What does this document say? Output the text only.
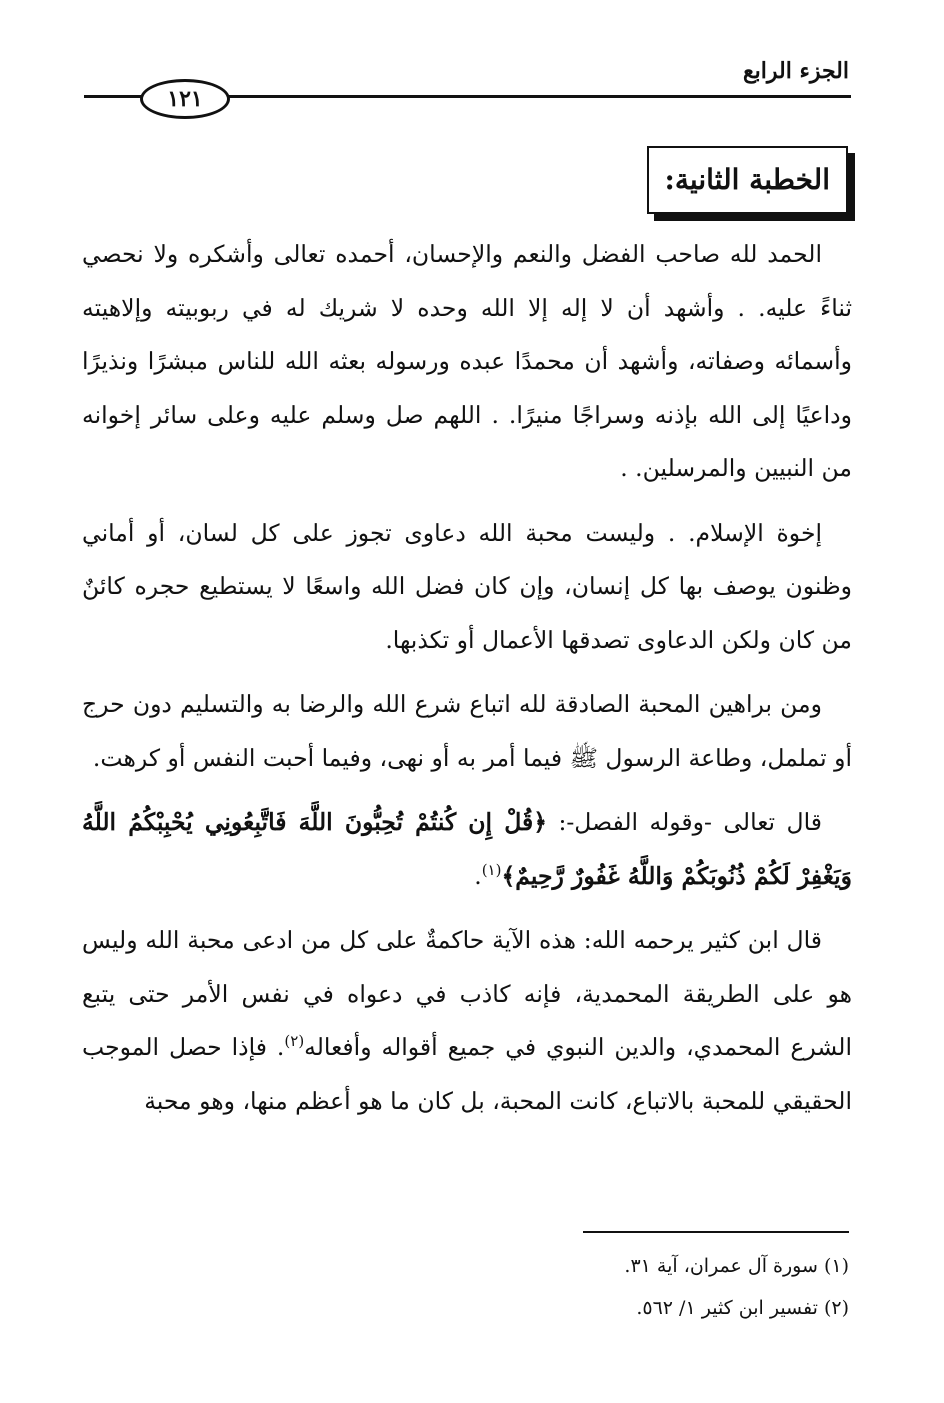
الجزء الرابع
١٢١
الخطبة الثانية:

الحمد لله صاحب الفضل والنعم والإحسان، أحمده تعالى وأشكره ولا نحصي ثناءً عليه. . وأشهد أن لا إله إلا الله وحده لا شريك له في ربوبيته وإلاهيته وأسمائه وصفاته، وأشهد أن محمدًا عبده ورسوله بعثه الله للناس مبشرًا ونذيرًا وداعيًا إلى الله بإذنه وسراجًا منيرًا. . اللهم صل وسلم عليه وعلى سائر إخوانه من النبيين والمرسلين. .

إخوة الإسلام. . وليست محبة الله دعاوى تجوز على كل لسان، أو أماني وظنون يوصف بها كل إنسان، وإن كان فضل الله واسعًا لا يستطيع حجره كائنٌ من كان ولكن الدعاوى تصدقها الأعمال أو تكذبها.

ومن براهين المحبة الصادقة لله اتباع شرع الله والرضا به والتسليم دون حرج أو تململ، وطاعة الرسول ﷺ فيما أمر به أو نهى، وفيما أحبت النفس أو كرهت.

قال تعالى -وقوله الفصل-: ﴿قُلْ إِن كُنتُمْ تُحِبُّونَ اللَّهَ فَاتَّبِعُونِي يُحْبِبْكُمُ اللَّهُ وَيَغْفِرْ لَكُمْ ذُنُوبَكُمْ وَاللَّهُ غَفُورٌ رَّحِيمٌ﴾$^{(١)}$.

قال ابن كثير يرحمه الله: هذه الآية حاكمةٌ على كل من ادعى محبة الله وليس هو على الطريقة المحمدية، فإنه كاذب في دعواه في نفس الأمر حتى يتبع الشرع المحمدي، والدين النبوي في جميع أقواله وأفعاله$^{(٢)}$. فإذا حصل الموجب الحقيقي للمحبة بالاتباع، كانت المحبة، بل كان ما هو أعظم منها، وهو محبة

(١) سورة آل عمران، آية ٣١.
(٢) تفسير ابن كثير ١/ ٥٦٢.
